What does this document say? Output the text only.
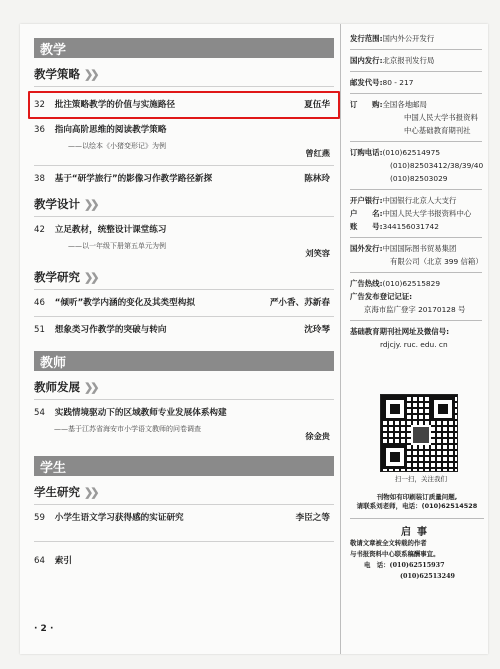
教学
教学策略 ❯❯
32 批注策略教学的价值与实施路径	夏伍华
36 指向高阶思维的阅读教学策略
——以绘本《小猪变形记》为例
曾红燕
38 基于“研学旅行”的影像习作教学路径新探	陈林玲
教学设计 ❯❯
42 立足教材，统整设计课堂练习
——以一年级下册第五单元为例
刘笑容
教学研究 ❯❯
46 “倾听”教学内涵的变化及其类型构拟	严小香、苏新春
51 想象类习作教学的突破与转向	沈玲琴
教师
教师发展 ❯❯
54 实践情境驱动下的区域教师专业发展体系构建
——基于江苏省海安市小学语文教师的问卷调查
徐金贵
学生
学生研究 ❯❯
59 小学生语文学习获得感的实证研究	李臣之等
64 索引
· 2 ·
发行范围:国内外公开发行
国内发行:北京报刊发行局
邮发代号:80 - 217
订　　购:全国各地邮局
中国人民大学书报资料
中心基础教育期刊社
订购电话:(010)62514975
(010)82503412/38/39/40
(010)82503029
开户银行:中国银行北京人大支行
户　　名:中国人民大学书报资料中心
账　　号:344156031742
国外发行:中国国际图书贸易集团
有限公司（北京 399 信箱）
广告热线:(010)62515829
广告发布登记记证:
京海市监广登字 20170128 号
基础教育期刊社网址及微信号:
rdjcjy. ruc. edu. cn
扫一扫，关注我们
刊物如有印刷装订质量问题,
请联系刘老师，电话：(010)62514528
启事
敬请文章被全文转载的作者
与书报资料中心联系稿酬事宜。
电　话：(010)62515937
(010)62513249
